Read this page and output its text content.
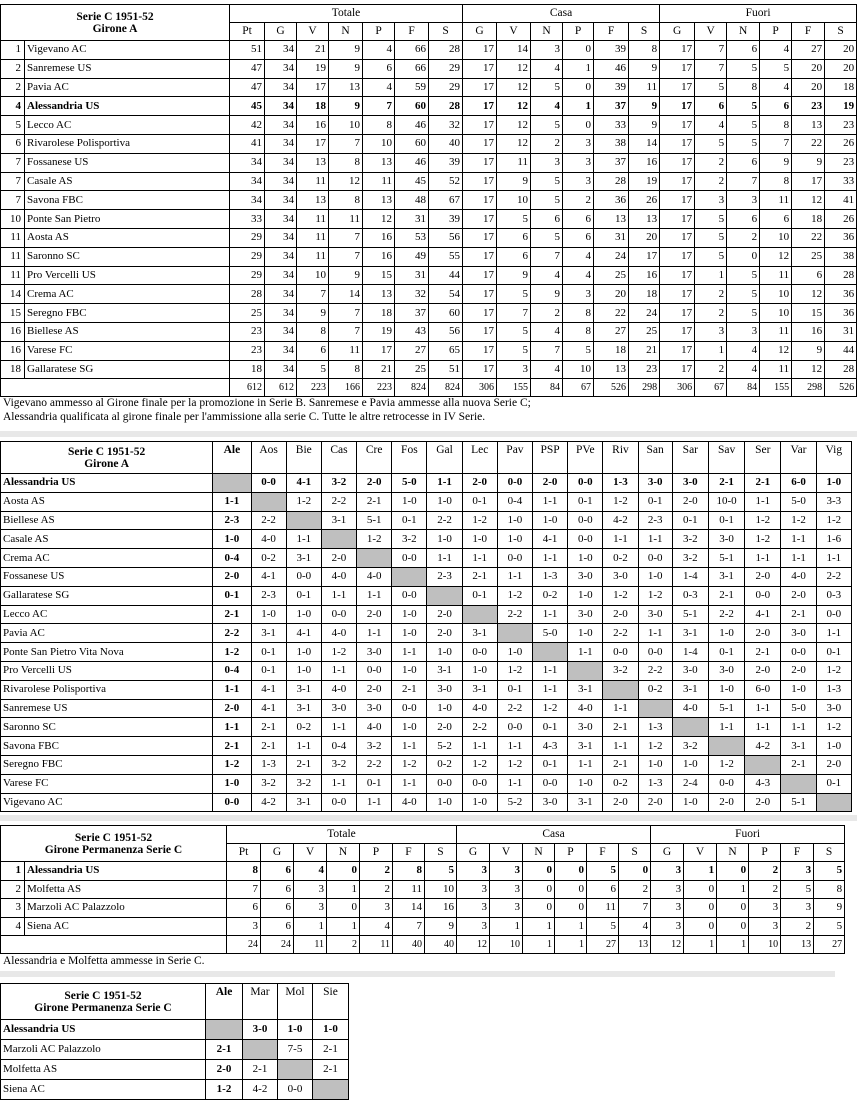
Serie C 1951-52
Girone A		Totale							Casa						Fuori					
		Pt	G	V	N	P	F	S	G	V	N	P	F	S	G	V	N	P	F	S
1	Vigevano AC	51	34	21	9	4	66	28	17	14	3	0	39	8	17	7	6	4	27	20
2	Sanremese US	47	34	19	9	6	66	29	17	12	4	1	46	9	17	7	5	5	20	20
2	Pavia AC	47	34	17	13	4	59	29	17	12	5	0	39	11	17	5	8	4	20	18
4	Alessandria US	45	34	18	9	7	60	28	17	12	4	1	37	9	17	6	5	6	23	19
5	Lecco AC	42	34	16	10	8	46	32	17	12	5	0	33	9	17	4	5	8	13	23
6	Rivarolese Polisportiva	41	34	17	7	10	60	40	17	12	2	3	38	14	17	5	5	7	22	26
7	Fossanese US	34	34	13	8	13	46	39	17	11	3	3	37	16	17	2	6	9	9	23
7	Casale AS	34	34	11	12	11	45	52	17	9	5	3	28	19	17	2	7	8	17	33
7	Savona FBC	34	34	13	8	13	48	67	17	10	5	2	36	26	17	3	3	11	12	41
10	Ponte San Pietro	33	34	11	11	12	31	39	17	5	6	6	13	13	17	5	6	6	18	26
11	Aosta AS	29	34	11	7	16	53	56	17	6	5	6	31	20	17	5	2	10	22	36
11	Saronno SC	29	34	11	7	16	49	55	17	6	7	4	24	17	17	5	0	12	25	38
11	Pro Vercelli US	29	34	10	9	15	31	44	17	9	4	4	25	16	17	1	5	11	6	28
14	Crema AC	28	34	7	14	13	32	54	17	5	9	3	20	18	17	2	5	10	12	36
15	Seregno FBC	25	34	9	7	18	37	60	17	7	2	8	22	24	17	2	5	10	15	36
16	Biellese AS	23	34	8	7	19	43	56	17	5	4	8	27	25	17	3	3	11	16	31
16	Varese FC	23	34	6	11	17	27	65	17	5	7	5	18	21	17	1	4	12	9	44
18	Gallaratese SG	18	34	5	8	21	25	51	17	3	4	10	13	23	17	2	4	11	12	28
		612	612	223	166	223	824	824	306	155	84	67	526	298	306	67	84	155	298	526
Vigevano ammesso al Girone finale per la promozione in Serie B. Sanremese e Pavia ammesse alla nuova Serie C;
Alessandria qualificata al girone finale per l'ammissione alla serie C. Tutte le altre retrocesse in IV Serie.
Serie C 1951-52
Girone A	Ale	Aos	Bie	Cas	Cre	Fos	Gal	Lec	Pav	PSP	PVe	Riv	San	Sar	Sav	Ser	Var	Vig
Alessandria US		0-0	4-1	3-2	2-0	5-0	1-1	2-0	0-0	2-0	0-0	1-3	3-0	3-0	2-1	2-1	6-0	1-0
Aosta AS	1-1		1-2	2-2	2-1	1-0	1-0	0-1	0-4	1-1	0-1	1-2	0-1	2-0	10-0	1-1	5-0	3-3
Biellese AS	2-3	2-2		3-1	5-1	0-1	2-2	1-2	1-0	1-0	0-0	4-2	2-3	0-1	0-1	1-2	1-2	1-2
Casale AS	1-0	4-0	1-1		1-2	3-2	1-0	1-0	1-0	4-1	0-0	1-1	1-1	3-2	3-0	1-2	1-1	1-6
Crema AC	0-4	0-2	3-1	2-0		0-0	1-1	1-1	0-0	1-1	1-0	0-2	0-0	3-2	5-1	1-1	1-1	1-1
Fossanese US	2-0	4-1	0-0	4-0	4-0		2-3	2-1	1-1	1-3	3-0	3-0	1-0	1-4	3-1	2-0	4-0	2-2
Gallaratese SG	0-1	2-3	0-1	1-1	1-1	0-0		0-1	1-2	0-2	1-0	1-2	1-2	0-3	2-1	0-0	2-0	0-3
Lecco AC	2-1	1-0	1-0	0-0	2-0	1-0	2-0		2-2	1-1	3-0	2-0	3-0	5-1	2-2	4-1	2-1	0-0
Pavia AC	2-2	3-1	4-1	4-0	1-1	1-0	2-0	3-1		5-0	1-0	2-2	1-1	3-1	1-0	2-0	3-0	1-1
Ponte San Pietro Vita Nova	1-2	0-1	1-0	1-2	3-0	1-1	1-0	0-0	1-0		1-1	0-0	0-0	1-4	0-1	2-1	0-0	0-1
Pro Vercelli US	0-4	0-1	1-0	1-1	0-0	1-0	3-1	1-0	1-2	1-1		3-2	2-2	3-0	3-0	2-0	2-0	1-2
Rivarolese Polisportiva	1-1	4-1	3-1	4-0	2-0	2-1	3-0	3-1	0-1	1-1	3-1		0-2	3-1	1-0	6-0	1-0	1-3
Sanremese US	2-0	4-1	3-1	3-0	3-0	0-0	1-0	4-0	2-2	1-2	4-0	1-1		4-0	5-1	1-1	5-0	3-0
Saronno SC	1-1	2-1	0-2	1-1	4-0	1-0	2-0	2-2	0-0	0-1	3-0	2-1	1-3		1-1	1-1	1-1	1-2
Savona FBC	2-1	2-1	1-1	0-4	3-2	1-1	5-2	1-1	1-1	4-3	3-1	1-1	1-2	3-2		4-2	3-1	1-0
Seregno FBC	1-2	1-3	2-1	3-2	2-2	1-2	0-2	1-2	1-2	0-1	1-1	2-1	1-0	1-0	1-2		2-1	2-0
Varese FC	1-0	3-2	3-2	1-1	0-1	1-1	0-0	0-0	1-1	0-0	1-0	0-2	1-3	2-4	0-0	4-3		0-1
Vigevano AC	0-0	4-2	3-1	0-0	1-1	4-0	1-0	1-0	5-2	3-0	3-1	2-0	2-0	1-0	2-0	2-0	5-1	
Serie C 1951-52
Girone Permanenza Serie C		Totale							Casa						Fuori					
		Pt	G	V	N	P	F	S	G	V	N	P	F	S	G	V	N	P	F	S
1	Alessandria US	8	6	4	0	2	8	5	3	3	0	0	5	0	3	1	0	2	3	5
2	Molfetta AS	7	6	3	1	2	11	10	3	3	0	0	6	2	3	0	1	2	5	8
3	Marzoli AC Palazzolo	6	6	3	0	3	14	16	3	3	0	0	11	7	3	0	0	3	3	9
4	Siena AC	3	6	1	1	4	7	9	3	1	1	1	5	4	3	0	0	3	2	5
		24	24	11	2	11	40	40	12	10	1	1	27	13	12	1	1	10	13	27
Alessandria e Molfetta ammesse in Serie C.
Serie C 1951-52
Girone Permanenza Serie C	Ale	Mar	Mol	Sie
Alessandria US		3-0	1-0	1-0
Marzoli AC Palazzolo	2-1		7-5	2-1
Molfetta AS	2-0	2-1		2-1
Siena AC	1-2	4-2	0-0	
